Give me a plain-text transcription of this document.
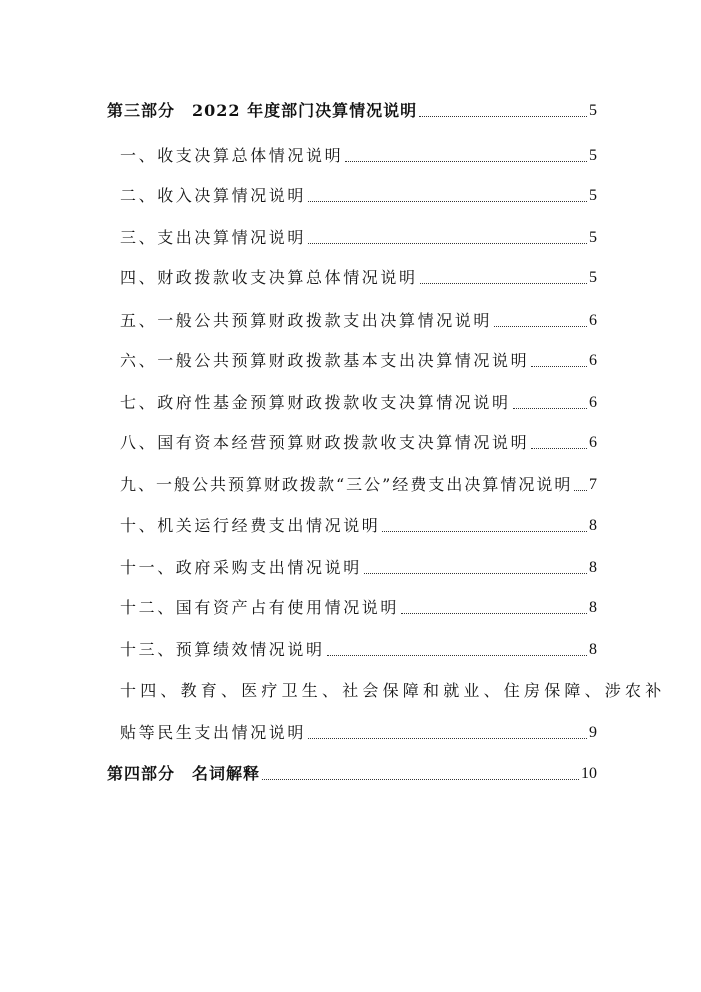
第三部分　2022 年度部门决算情况说明	5
一、收支决算总体情况说明	5
二、收入决算情况说明	5
三、支出决算情况说明	5
四、财政拨款收支决算总体情况说明	5
五、一般公共预算财政拨款支出决算情况说明	6
六、一般公共预算财政拨款基本支出决算情况说明	6
七、政府性基金预算财政拨款收支决算情况说明	6
八、国有资本经营预算财政拨款收支决算情况说明	6
九、一般公共预算财政拨款“三公”经费支出决算情况说明 7
十、机关运行经费支出情况说明	8
十一、政府采购支出情况说明	8
十二、国有资产占有使用情况说明	8
十三、预算绩效情况说明	8
十四、教育、医疗卫生、社会保障和就业、住房保障、涉农补
贴等民生支出情况说明	9
第四部分　名词解释	10
